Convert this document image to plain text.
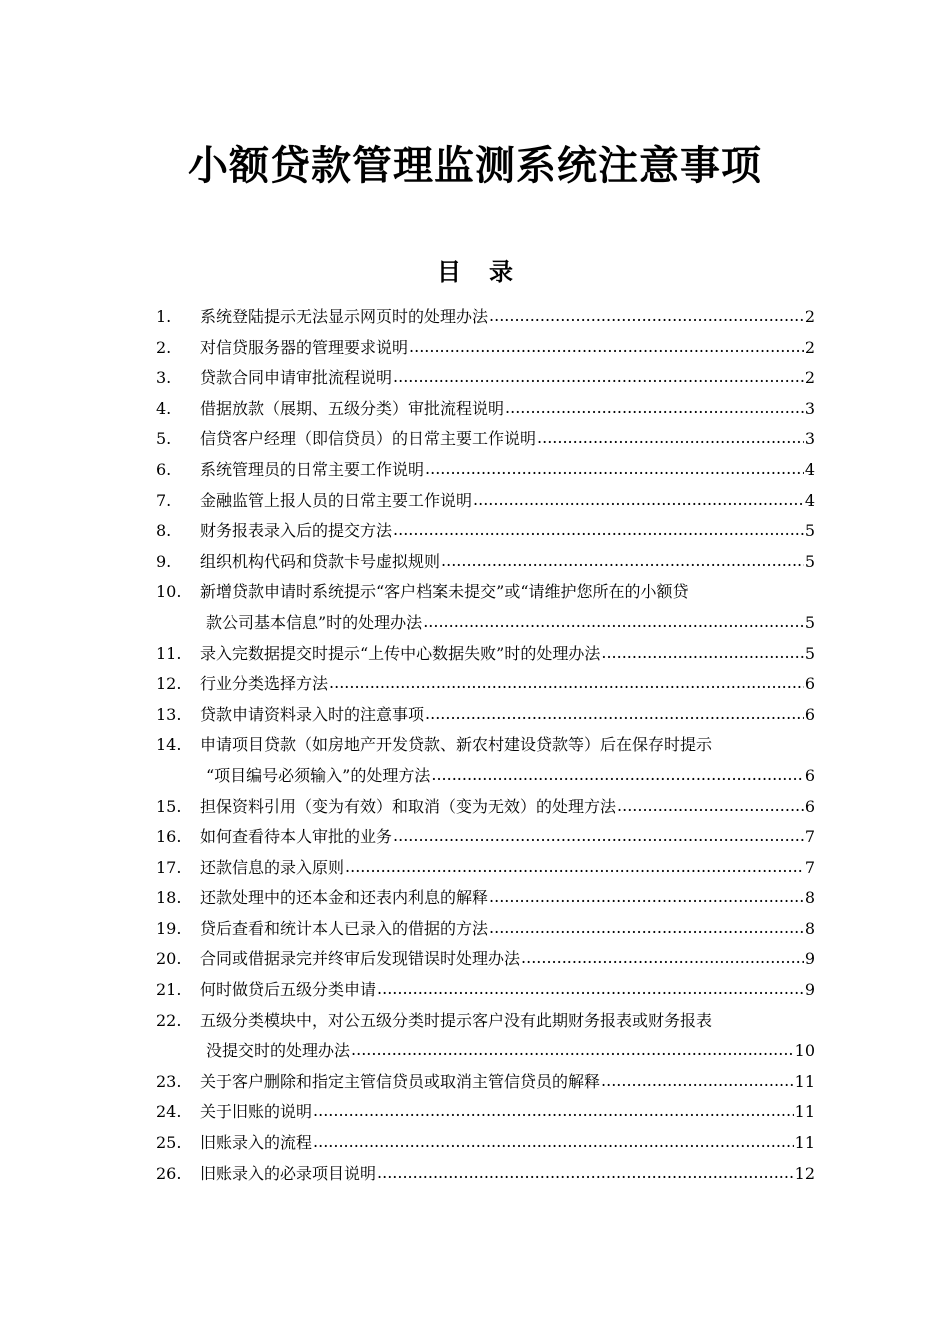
小额贷款管理监测系统注意事项
目 录
1.	系统登陆提示无法显示网页时的处理办法 .....	2
2.	对信贷服务器的管理要求说明 .....	2
3.	贷款合同申请审批流程说明 .....	2
4.	借据放款（展期、五级分类）审批流程说明 .....	3
5.	信贷客户经理（即信贷员）的日常主要工作说明 .....	3
6.	系统管理员的日常主要工作说明 .....	4
7.	金融监管上报人员的日常主要工作说明 .....	4
8.	财务报表录入后的提交方法 .....	5
9.	组织机构代码和贷款卡号虚拟规则 .....	5
10.	新增贷款申请时系统提示“客户档案未提交”或“请维护您所在的小额贷
款公司基本信息”时的处理办法 .....	5
11.	录入完数据提交时提示“上传中心数据失败”时的处理办法 .....	5
12.	行业分类选择方法 .....	6
13.	贷款申请资料录入时的注意事项 .....	6
14.	申请项目贷款（如房地产开发贷款、新农村建设贷款等）后在保存时提示
“项目编号必须输入”的处理方法 .....	6
15.	担保资料引用（变为有效）和取消（变为无效）的处理方法 .....	6
16.	如何查看待本人审批的业务 .....	7
17.	还款信息的录入原则 .....	7
18.	还款处理中的还本金和还表内利息的解释 .....	8
19.	贷后查看和统计本人已录入的借据的方法 .....	8
20.	合同或借据录完并终审后发现错误时处理办法 .....	9
21.	何时做贷后五级分类申请 .....	9
22.	五级分类模块中，对公五级分类时提示客户没有此期财务报表或财务报表
没提交时的处理办法 .....	10
23.	关于客户删除和指定主管信贷员或取消主管信贷员的解释 .....	11
24.	关于旧账的说明 .....	11
25.	旧账录入的流程 .....	11
26.	旧账录入的必录项目说明 .....	12
